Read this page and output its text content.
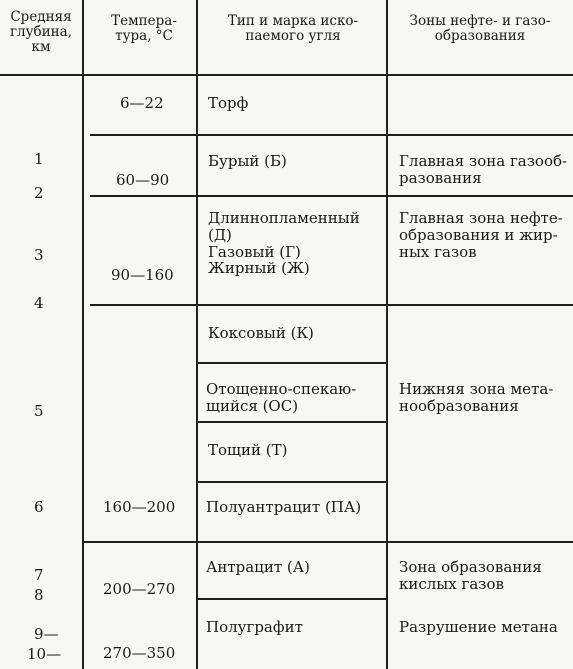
Средняя
глубина,
км
Темпера-
тура, °С
Тип и марка иско-
паемого угля
Зоны нефте- и газо-
образования
1
2
3
4
5
6
7
8
9—
10—
6—22
60—90
90—160
160—200
200—270
270—350
Торф
Бурый (Б)
Длиннопламенный
(Д)
Газовый (Г)
Жирный (Ж)
Коксовый (К)
Отощенно-спекаю-
щийся (ОС)
Тощий (Т)
Полуантрацит (ПА)
Антрацит (А)
Полуграфит
Главная зона газооб-
разования
Главная зона нефте-
образования и жир-
ных газов
Нижняя зона мета-
нообразования
Зона образования
кислых газов
Разрушение метана
